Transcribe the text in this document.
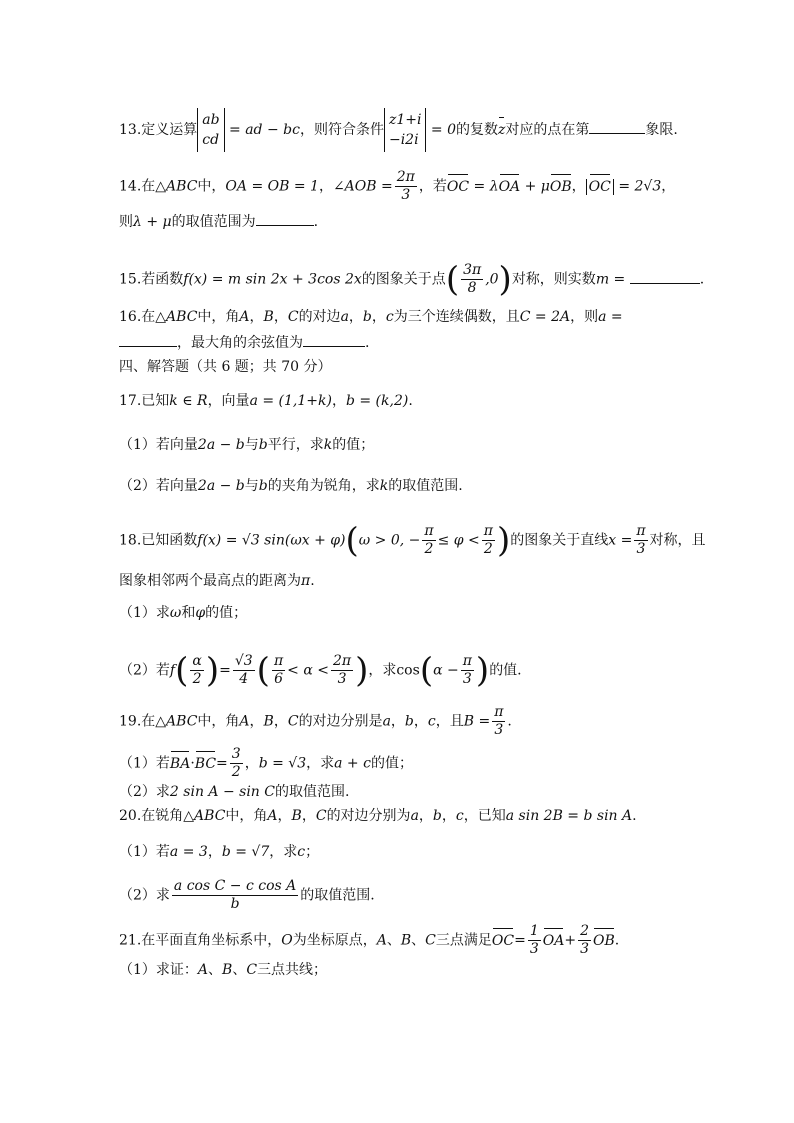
13.定义运算
ab
cd
= ad − bc，则符合条件
z1+i
−i2i
= 0的复数z对应的点在第	象限.
14.在△ABC中，OA = OB = 1，∠AOB = $\frac{2\pi}{3}$ ，若OC = λOA + μOB， OC = 2√3，
则λ + μ的取值范围为	.
15.若函数f(x) = m sin 2x + 3cos 2x的图象关于点( $\frac{3\pi}{8} ,0$)对称，则实数m =	.
16.在△ABC中，角A，B，C的对边a，b，c为三个连续偶数，且C = 2A，则a =
，最大角的余弦值为	.
四、解答题（共 6 题；共 70 分）
17.已知k ∈ R，向量a = (1,1+k)，b = (k,2).
（1）若向量2a − b与b平行，求k的值；
（2）若向量2a − b与b的夹角为锐角，求k的取值范围.
18.已知函数f(x) = √3 sin(ωx + φ)(ω > 0, − $\frac{\pi}{2} \le \varphi < \frac{\pi}{2}$ )的图象关于直线$x = \frac{\pi}{3}$ 对称，且
图象相邻两个最高点的距离为π.
（1）求ω和φ的值；
（2）若$f( \frac{\alpha}{2}$ )= $\frac{√3}{4}$ ( $\frac{\pi}{6} < \alpha < \frac{2\pi}{3}$ )，求$\cos(\alpha - \frac{\pi}{3}$ )的值.
19.在△ABC中，角A，B，C的对边分别是a，b，c，且$B = \frac{\pi}{3}$ .
（1）若$BA\cdot BC= \frac{3}{2}$ ，b = √3，求a + c的值；
（2）求2 sin A − sin C的取值范围.
20.在锐角△ABC中，角A，B，C的对边分别为a，b，c，已知a sin 2B = b sin A.
（1）若a = 3，b = √7，求c；
（2）求 $\frac{\text{a cos C − c cos A}}{b}$ 的取值范围.
21.在平面直角坐标系中，O为坐标原点，A、B、C三点满足$OC= \frac{1}{3} OA+ \frac{2}{3}$ OB.
（1）求证：A、B、C三点共线；
